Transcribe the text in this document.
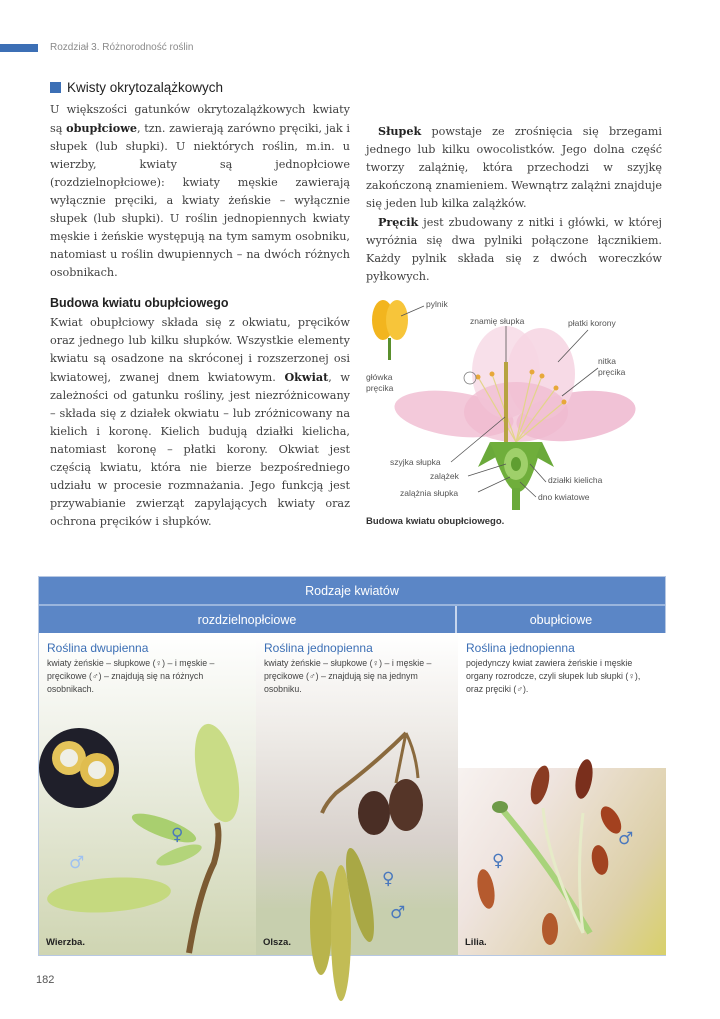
Rozdział 3. Różnorodność roślin
Kwisty okrytozalążkowych

U większości gatunków okrytozalążkowych kwiaty są obupłciowe, tzn. zawierają zarówno pręciki, jak i słupek (lub słupki). U niektórych roślin, m.in. u wierzby, kwiaty są jednopłciowe (rozdzielnopłciowe): kwiaty męskie zawierają wyłącznie pręciki, a kwiaty żeńskie – wyłącznie słupek (lub słupki). U roślin jednopiennych kwiaty męskie i żeńskie występują na tym samym osobniku, natomiast u roślin dwupiennych – na dwóch różnych osobnikach.

Budowa kwiatu obupłciowego

Kwiat obupłciowy składa się z okwiatu, pręcików oraz jednego lub kilku słupków. Wszystkie elementy kwiatu są osadzone na skróconej i rozszerzonej osi kwiatowej, zwanej dnem kwiatowym. Okwiat, w zależności od gatunku rośliny, jest niezróżnicowany – składa się z działek okwiatu – lub zróżnicowany na kielich i koronę. Kielich budują działki kielicha, natomiast koronę – płatki korony. Okwiat jest częścią kwiatu, która nie bierze bezpośredniego udziału w procesie rozmnażania. Jego funkcją jest przywabianie zwierząt zapylających kwiaty oraz ochrona pręcików i słupków.

Słupek powstaje ze zrośnięcia się brzegami jednego lub kilku owocolistków. Jego dolna część tworzy zalążnię, która przechodzi w szyjkę zakończoną znamieniem. Wewnątrz zalążni znajduje się jeden lub kilka zalążków.

Pręcik jest zbudowany z nitki i główki, w której wyróżnia się dwa pylniki połączone łącznikiem. Każdy pylnik składa się z dwóch woreczków pyłkowych.

pylnik
główka pręcika
znamię słupka	płatki korony
nitka pręcika
szyjka słupka
zalążek
zalążnia słupka
działki kielicha
dno kwiatowe
Budowa kwiatu obupłciowego.
Rodzaje kwiatów
rozdzielnopłciowe	obupłciowe
Roślina dwupienna
kwiaty żeńskie – słupkowe (♀) – i męskie – pręcikowe (♂) – znajdują się na różnych osobnikach.
♀
♂
Wierzba.
Roślina jednopienna
kwiaty żeńskie – słupkowe (♀) – i męskie – pręcikowe (♂) – znajdują się na jednym osobniku.
♀
♂
Olsza.
Roślina jednopienna
pojedynczy kwiat zawiera żeńskie i męskie organy rozrodcze, czyli słupek lub słupki (♀), oraz pręciki (♂).
♀
♂
Lilia.
182
